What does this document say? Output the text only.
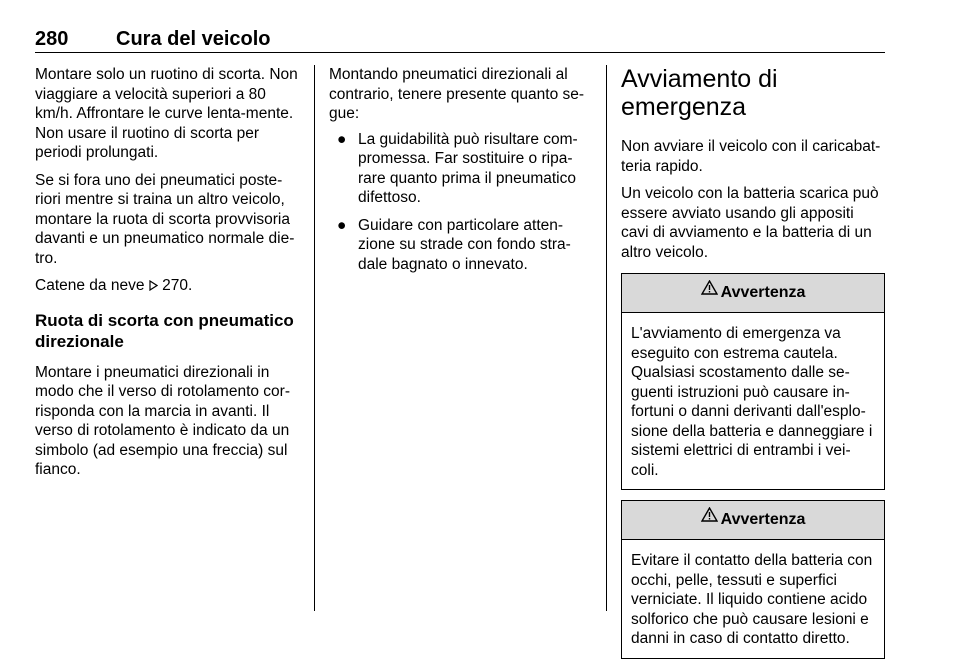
280 Cura del veicolo

Montare solo un ruotino di scorta. Non viaggiare a velocità superiori a 80 km/h. Affrontare le curve lenta-mente. Non usare il ruotino di scorta per periodi prolungati.

Se si fora uno dei pneumatici poste-riori mentre si traina un altro veicolo, montare la ruota di scorta provvisoria davanti e un pneumatico normale die-tro.

Catene da neve  270.

Ruota di scorta con pneumatico direzionale

Montare i pneumatici direzionali in modo che il verso di rotolamento cor-risponda con la marcia in avanti. Il verso di rotolamento è indicato da un simbolo (ad esempio una freccia) sul fianco.

Montando pneumatici direzionali al contrario, tenere presente quanto se-gue:

● La guidabilità può risultare com-promessa. Far sostituire o ripa-rare quanto prima il pneumatico difettoso.
● Guidare con particolare atten-zione su strade con fondo stra-dale bagnato o innevato.
Avviamento di emergenza

Non avviare il veicolo con il caricabat-teria rapido.

Un veicolo con la batteria scarica può essere avviato usando gli appositi cavi di avviamento e la batteria di un altro veicolo.

Avvertenza
L'avviamento di emergenza va eseguito con estrema cautela. Qualsiasi scostamento dalle se-guenti istruzioni può causare in-fortuni o danni derivanti dall'esplo-sione della batteria e danneggiare i sistemi elettrici di entrambi i vei-coli.
Avvertenza
Evitare il contatto della batteria con occhi, pelle, tessuti e superfici verniciate. Il liquido contiene acido solforico che può causare lesioni e danni in caso di contatto diretto.
